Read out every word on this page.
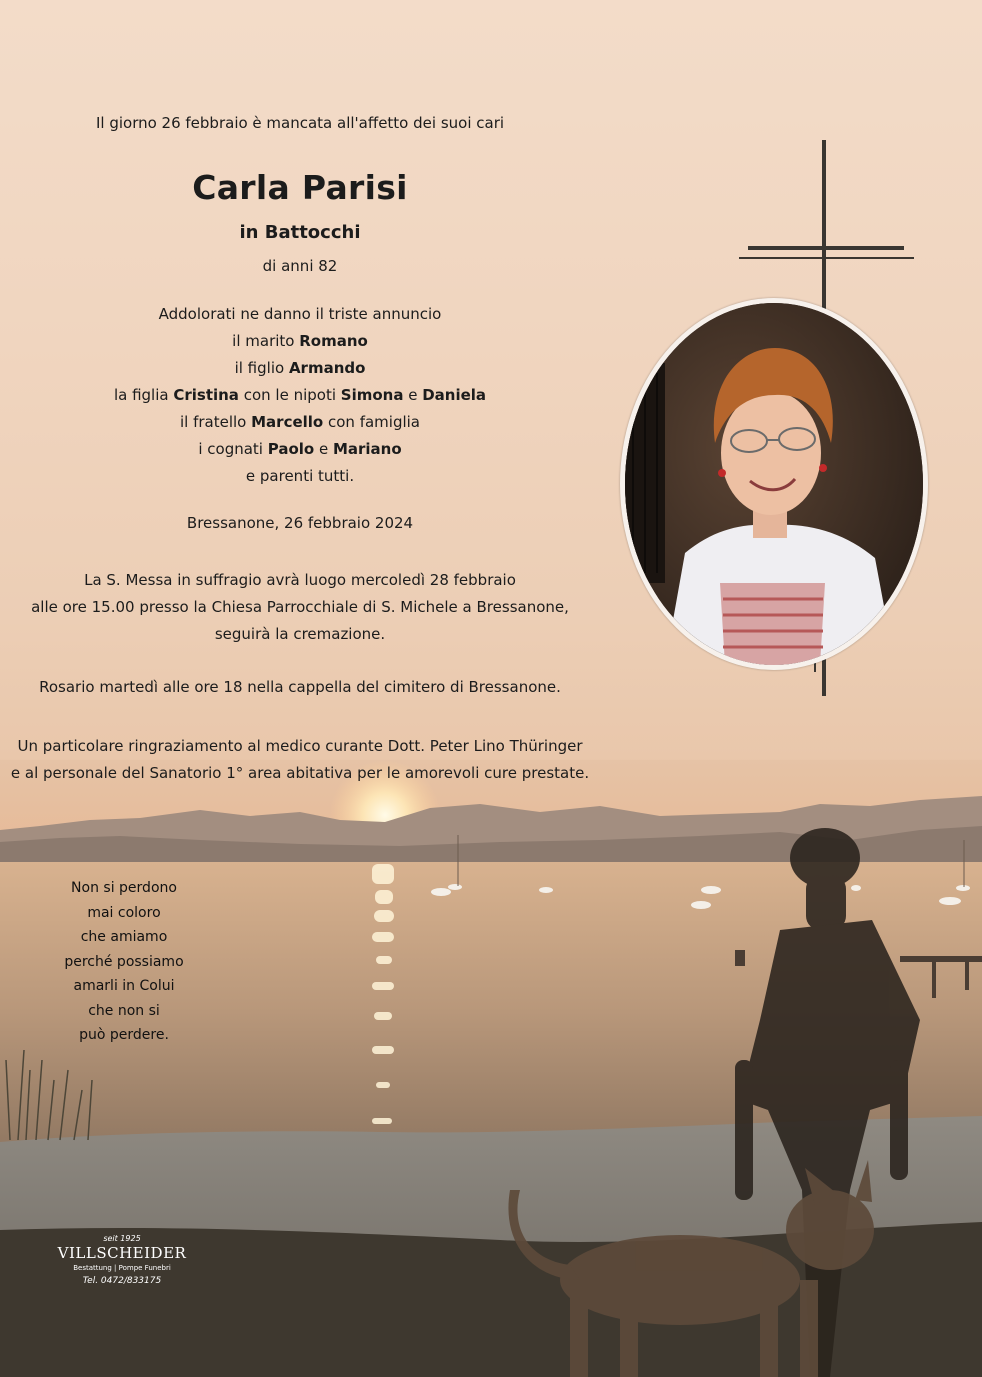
Il giorno 26 febbraio è mancata all'affetto dei suoi cari
Carla Parisi
in Battocchi
di anni 82
Addolorati ne danno il triste annuncio
il marito Romano
il figlio Armando
la figlia Cristina con le nipoti Simona e Daniela
il fratello Marcello con famiglia
i cognati Paolo e Mariano
e parenti tutti.
Bressanone, 26 febbraio 2024
La S. Messa in suffragio avrà luogo mercoledì 28 febbraio
alle ore 15.00 presso la Chiesa Parrocchiale di S. Michele a Bressanone,
seguirà la cremazione.
Rosario martedì alle ore 18 nella cappella del cimitero di Bressanone.
Un particolare ringraziamento al medico curante Dott. Peter Lino Thüringer
e al personale del Sanatorio 1° area abitativa per le amorevoli cure prestate.
Non si perdono
mai coloro
che amiamo
perché possiamo
amarli in Colui
che non si
può perdere.
seit 1925
VILLSCHEIDER
Bestattung | Pompe Funebri
Tel. 0472/833175
